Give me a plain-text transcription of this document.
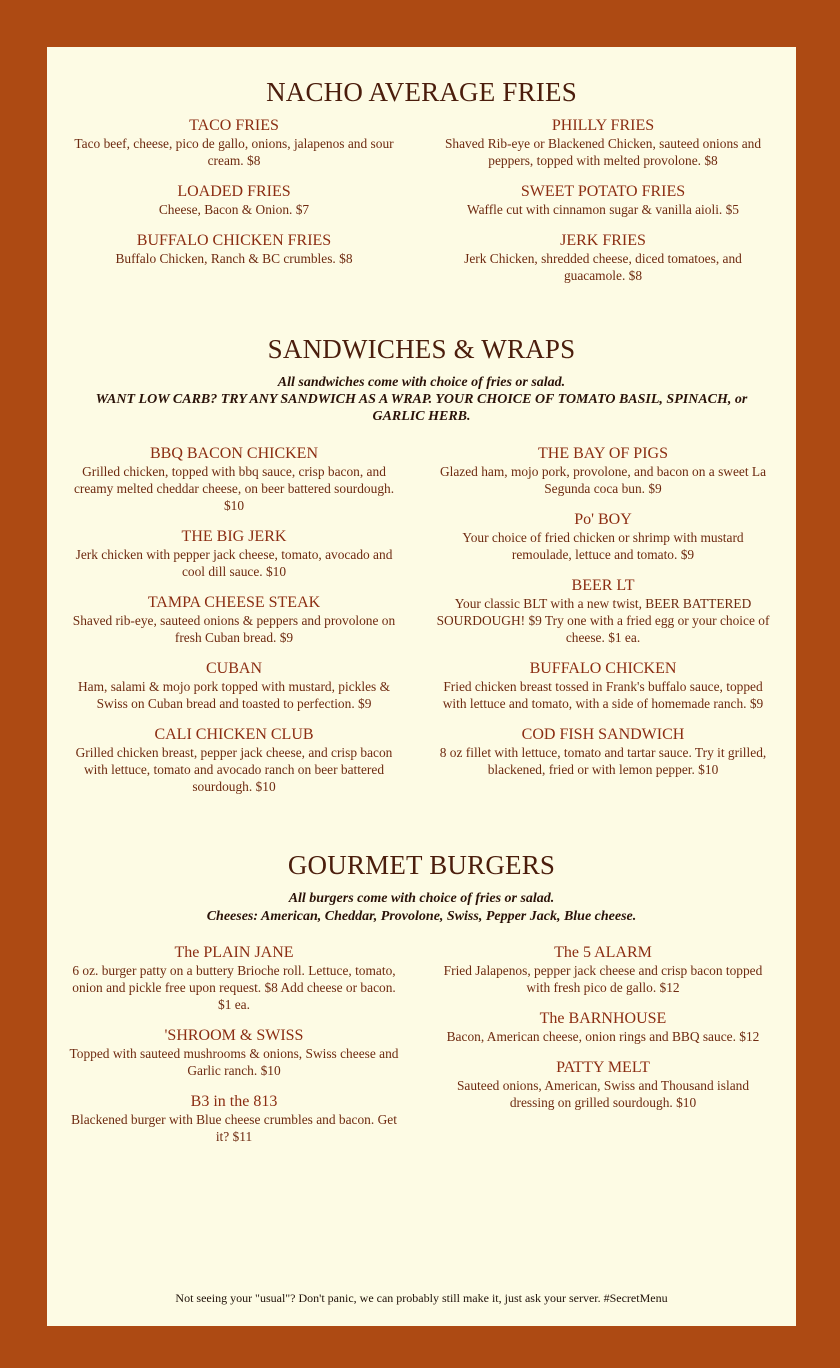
NACHO AVERAGE FRIES
TACO FRIES
Taco beef, cheese, pico de gallo, onions, jalapenos and sour cream. $8
LOADED FRIES
Cheese, Bacon & Onion. $7
BUFFALO CHICKEN FRIES
Buffalo Chicken, Ranch & BC crumbles. $8
PHILLY FRIES
Shaved Rib-eye or Blackened Chicken, sauteed onions and peppers, topped with melted provolone. $8
SWEET POTATO FRIES
Waffle cut with cinnamon sugar & vanilla aioli. $5
JERK FRIES
Jerk Chicken, shredded cheese, diced tomatoes, and guacamole. $8
SANDWICHES & WRAPS
All sandwiches come with choice of fries or salad.
WANT LOW CARB? TRY ANY SANDWICH AS A WRAP. YOUR CHOICE OF TOMATO BASIL, SPINACH, or GARLIC HERB.
BBQ BACON CHICKEN
Grilled chicken, topped with bbq sauce, crisp bacon, and creamy melted cheddar cheese, on beer battered sourdough. $10
THE BIG JERK
Jerk chicken with pepper jack cheese, tomato, avocado and cool dill sauce. $10
TAMPA CHEESE STEAK
Shaved rib-eye, sauteed onions & peppers and provolone on fresh Cuban bread. $9
CUBAN
Ham, salami & mojo pork topped with mustard, pickles & Swiss on Cuban bread and toasted to perfection. $9
CALI CHICKEN CLUB
Grilled chicken breast, pepper jack cheese, and crisp bacon with lettuce, tomato and avocado ranch on beer battered sourdough. $10
THE BAY OF PIGS
Glazed ham, mojo pork, provolone, and bacon on a sweet La Segunda coca bun. $9
Po' BOY
Your choice of fried chicken or shrimp with mustard remoulade, lettuce and tomato. $9
BEER LT
Your classic BLT with a new twist, BEER BATTERED SOURDOUGH! $9 Try one with a fried egg or your choice of cheese. $1 ea.
BUFFALO CHICKEN
Fried chicken breast tossed in Frank's buffalo sauce, topped with lettuce and tomato, with a side of homemade ranch. $9
COD FISH SANDWICH
8 oz fillet with lettuce, tomato and tartar sauce. Try it grilled, blackened, fried or with lemon pepper. $10
GOURMET BURGERS
All burgers come with choice of fries or salad.
Cheeses: American, Cheddar, Provolone, Swiss, Pepper Jack, Blue cheese.
The PLAIN JANE
6 oz. burger patty on a buttery Brioche roll. Lettuce, tomato, onion and pickle free upon request. $8 Add cheese or bacon. $1 ea.
'SHROOM & SWISS
Topped with sauteed mushrooms & onions, Swiss cheese and Garlic ranch. $10
B3 in the 813
Blackened burger with Blue cheese crumbles and bacon. Get it? $11
The 5 ALARM
Fried Jalapenos, pepper jack cheese and crisp bacon topped with fresh pico de gallo. $12
The BARNHOUSE
Bacon, American cheese, onion rings and BBQ sauce. $12
PATTY MELT
Sauteed onions, American, Swiss and Thousand island dressing on grilled sourdough. $10
Not seeing your "usual"? Don't panic, we can probably still make it, just ask your server. #SecretMenu
